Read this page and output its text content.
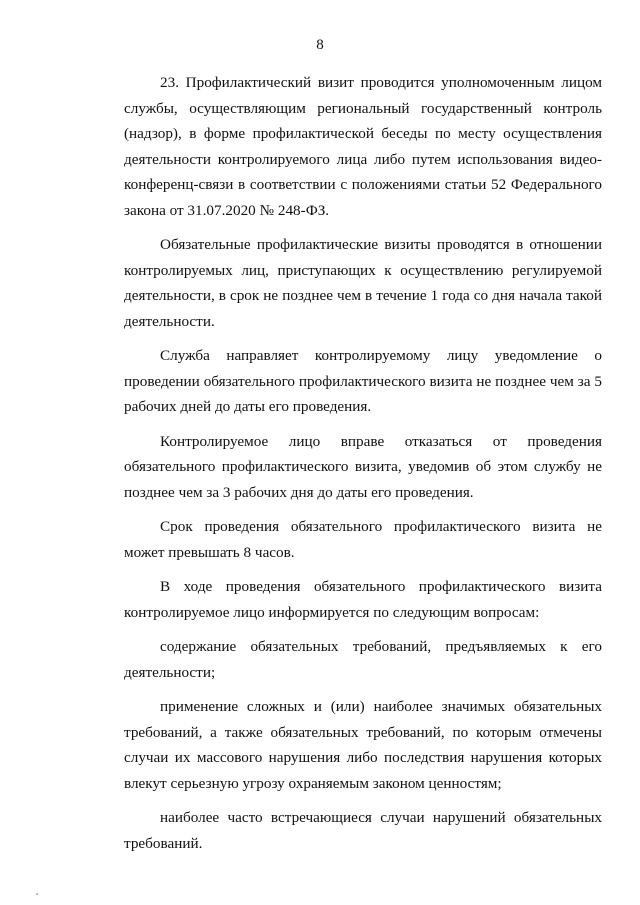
8

23. Профилактический визит проводится уполномоченным лицом службы, осуществляющим региональный государственный контроль (надзор), в форме профилактической беседы по месту осуществления деятельности контролируемого лица либо путем использования видео-конференц-связи в соответствии с положениями статьи 52 Федерального закона от 31.07.2020 № 248-ФЗ.

Обязательные профилактические визиты проводятся в отношении контролируемых лиц, приступающих к осуществлению регулируемой деятельности, в срок не позднее чем в течение 1 года со дня начала такой деятельности.

Служба направляет контролируемому лицу уведомление о проведении обязательного профилактического визита не позднее чем за 5 рабочих дней до даты его проведения.

Контролируемое лицо вправе отказаться от проведения обязательного профилактического визита, уведомив об этом службу не позднее чем за 3 рабочих дня до даты его проведения.

Срок проведения обязательного профилактического визита не может превышать 8 часов.

В ходе проведения обязательного профилактического визита контролируемое лицо информируется по следующим вопросам:

содержание обязательных требований, предъявляемых к его деятельности;

применение сложных и (или) наиболее значимых обязательных требований, а также обязательных требований, по которым отмечены случаи их массового нарушения либо последствия нарушения которых влекут серьезную угрозу охраняемым законом ценностям;

наиболее часто встречающиеся случаи нарушений обязательных требований.
